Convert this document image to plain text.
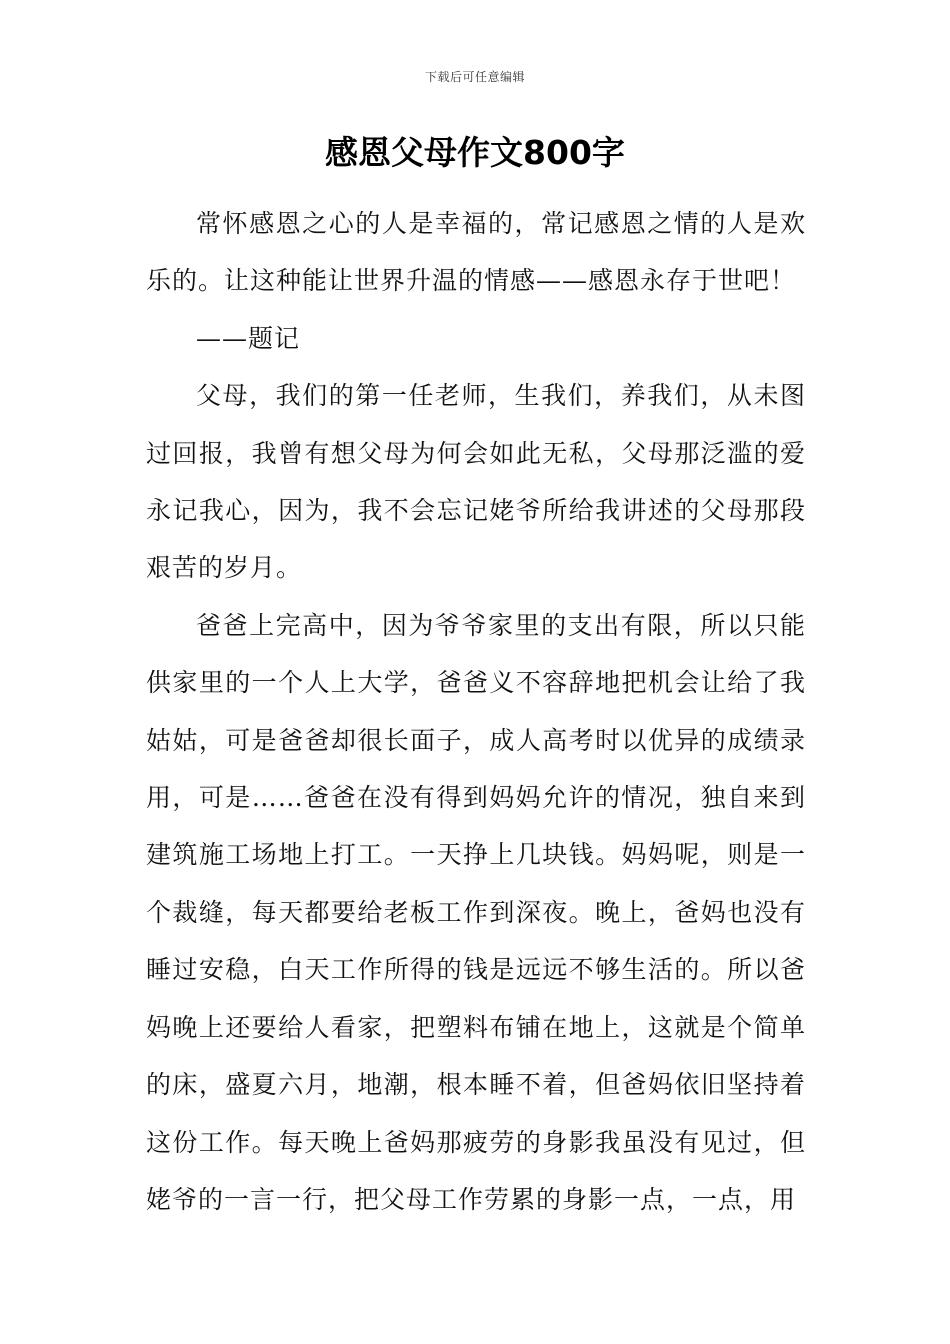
下载后可任意编辑
感恩父母作文800字

常怀感恩之心的人是幸福的，常记感恩之情的人是欢乐的。让这种能让世界升温的情感——感恩永存于世吧！

——题记

父母，我们的第一任老师，生我们，养我们，从未图过回报，我曾有想父母为何会如此无私，父母那泛滥的爱永记我心，因为，我不会忘记姥爷所给我讲述的父母那段艰苦的岁月。

爸爸上完高中，因为爷爷家里的支出有限，所以只能供家里的一个人上大学，爸爸义不容辞地把机会让给了我姑姑，可是爸爸却很长面子，成人高考时以优异的成绩录用，可是……爸爸在没有得到妈妈允许的情况，独自来到建筑施工场地上打工。一天挣上几块钱。妈妈呢，则是一个裁缝，每天都要给老板工作到深夜。晚上，爸妈也没有睡过安稳，白天工作所得的钱是远远不够生活的。所以爸妈晚上还要给人看家，把塑料布铺在地上，这就是个简单的床，盛夏六月，地潮，根本睡不着，但爸妈依旧坚持着这份工作。每天晚上爸妈那疲劳的身影我虽没有见过，但姥爷的一言一行，把父母工作劳累的身影一点，一点，用
